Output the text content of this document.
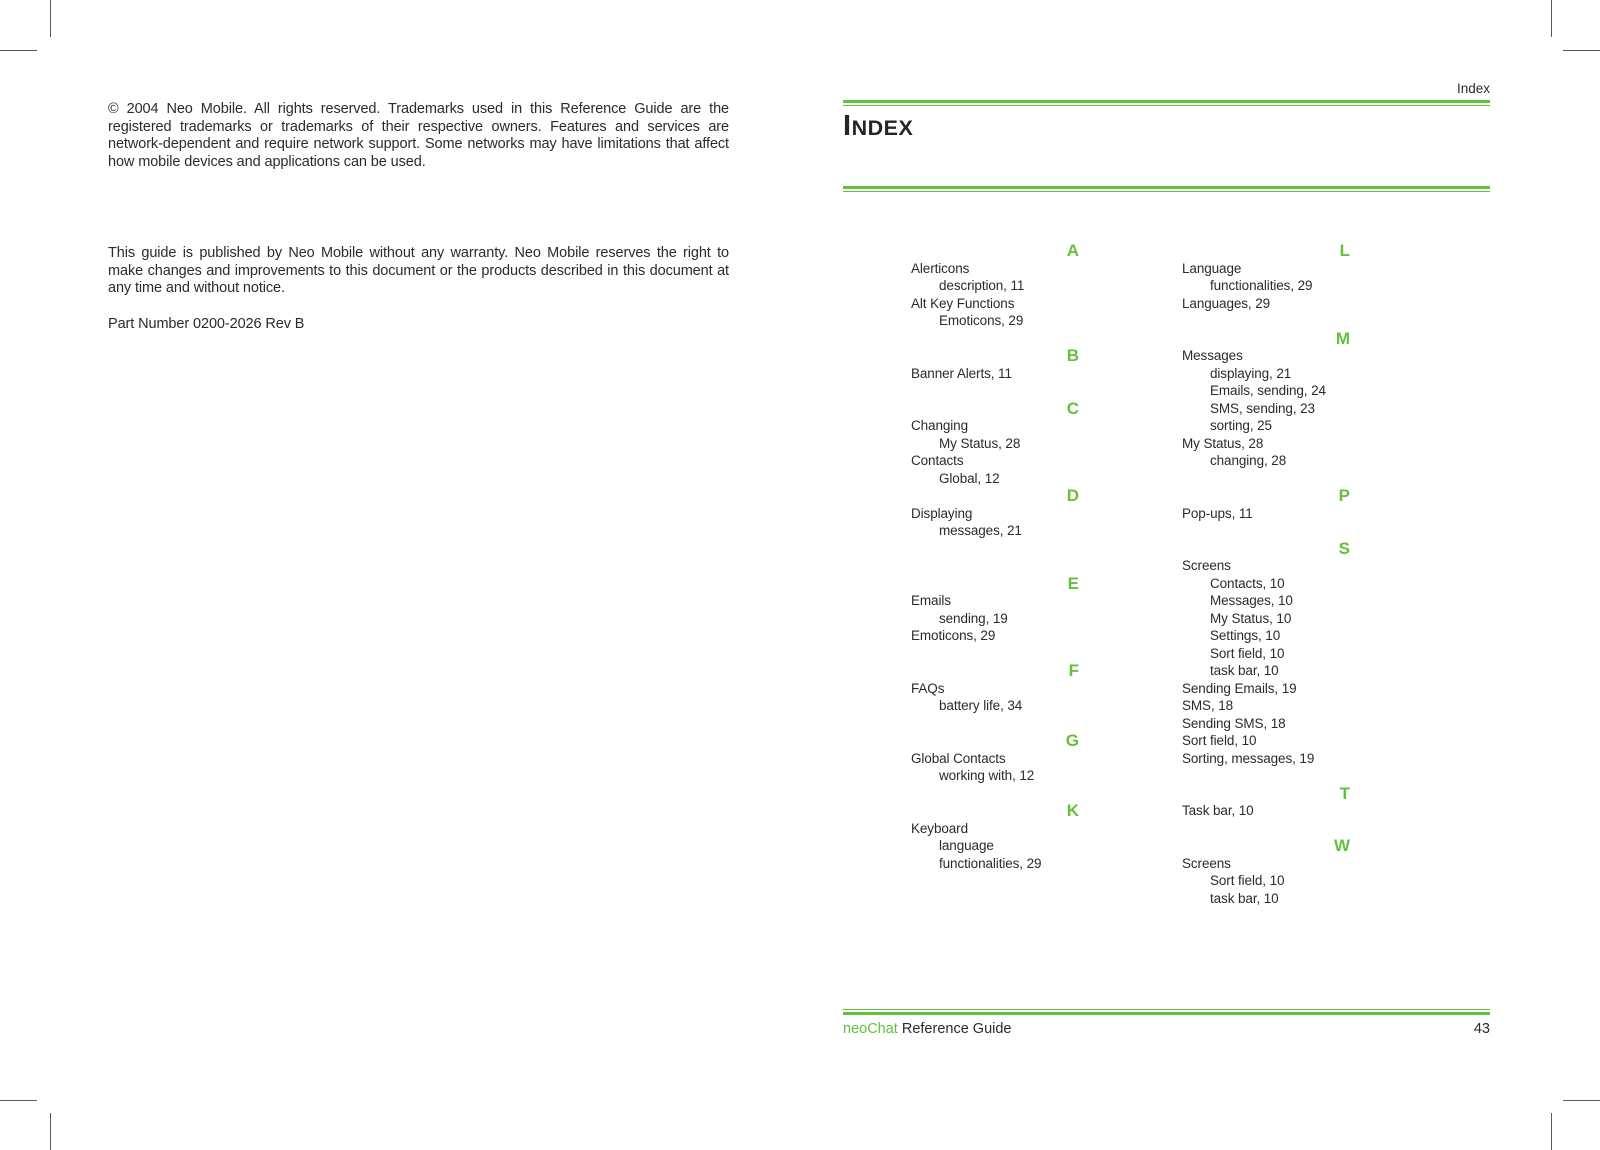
© 2004 Neo Mobile. All rights reserved. Trademarks used in this Reference Guide are the registered trademarks or trademarks of their respective owners. Features and services are network-dependent and require network support. Some networks may have limitations that affect how mobile devices and applications can be used.

This guide is published by Neo Mobile without any warranty. Neo Mobile reserves the right to make changes and improvements to this document or the products described in this document at any time and without notice.

Part Number 0200-2026 Rev B

Index
INDEX
A
Alerticons
description, 11
Alt Key Functions
Emoticons, 29
B
Banner Alerts, 11
C
Changing
My Status, 28
Contacts
Global, 12
D
Displaying
messages, 21
E
Emails
sending, 19
Emoticons, 29
F
FAQs
battery life, 34
G
Global Contacts
working with, 12
K
Keyboard
language
functionalities, 29
L
Language
functionalities, 29
Languages, 29
M
Messages
displaying, 21
Emails, sending, 24
SMS, sending, 23
sorting, 25
My Status, 28
changing, 28
P
Pop-ups, 11
S
Screens
Contacts, 10
Messages, 10
My Status, 10
Settings, 10
Sort field, 10
task bar, 10
Sending Emails, 19
SMS, 18
Sending SMS, 18
Sort field, 10
Sorting, messages, 19
T
Task bar, 10
W
Screens
Sort field, 10
task bar, 10
neoChat Reference Guide	43
